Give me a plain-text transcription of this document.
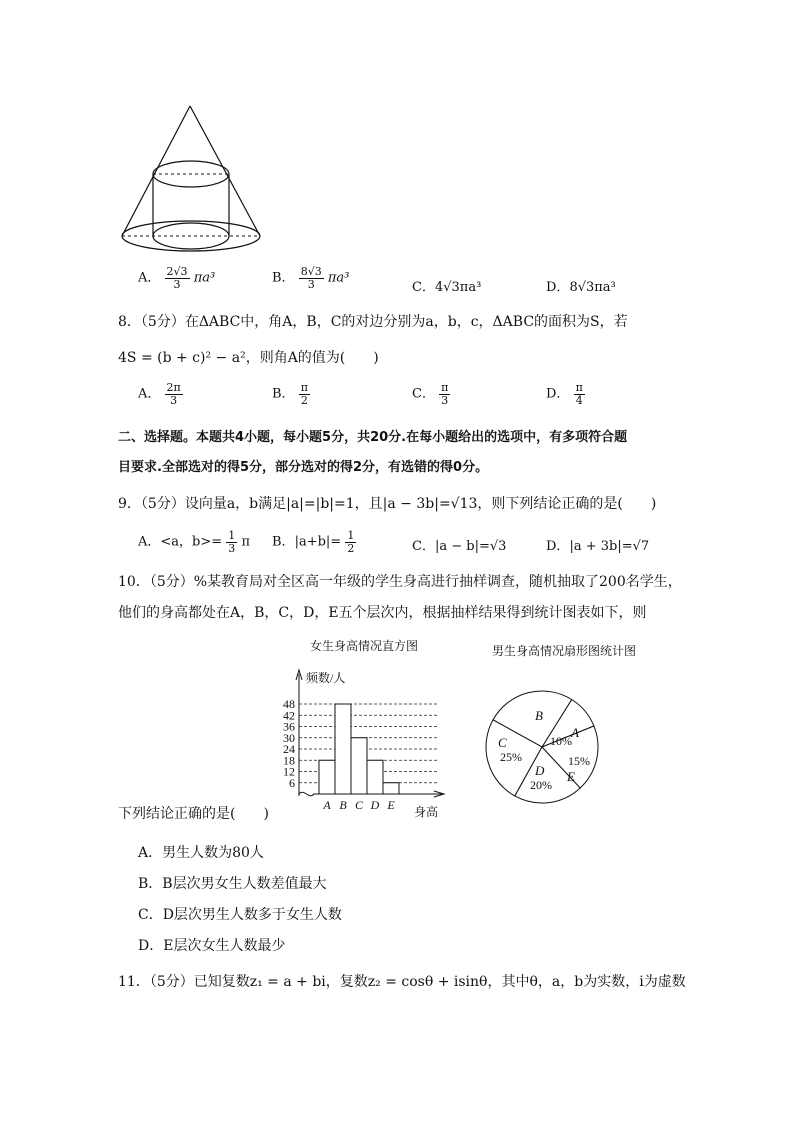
A． $\frac{2√3}{3} \pi a^3$	B． $\frac{8√3}{3} \pi a^3$
C．4√3πa³	D．8√3πa³
8．（5分）在ΔABC中，角A，B，C的对边分别为a，b，c，ΔABC的面积为S，若
4S = (b + c)² − a²，则角A的值为(　　)
A． $\frac{2\pi}{3}$	B． $\frac{\pi}{2}$	C． $\frac{\pi}{3}$	D． $\frac{\pi}{4}$
二、选择题。本题共4小题，每小题5分，共20分.在每小题给出的选项中，有多项符合题
目要求.全部选对的得5分，部分选对的得2分，有选错的得0分。
9．（5分）设向量a，b满足|a|=|b|=1，且|a − 3b|=√13，则下列结论正确的是(　　)
A．<a，$b>= \frac{1}{3}$ π B．$|a+b|= \frac{1}{2}$	C．|a − b|=√3	D．|a + 3b|=√7
10．（5分）%某教育局对全区高一年级的学生身高进行抽样调查，随机抽取了200名学生，
他们的身高都处在A，B，C，D，E五个层次内，根据抽样结果得到统计图表如下，则
女生身高情况直方图
6
12
18
24
30
36
42
48
A B C D E
频数/人
身高
男生身高情况扇形图统计图
A
10%
B
C
25%
D
20%
E
15%
下列结论正确的是(　　)
A．男生人数为80人
B．B层次男女生人数差值最大
C．D层次男生人数多于女生人数
D．E层次女生人数最少
11．（5分）已知复数z₁ = a + bi，复数z₂ = cosθ + isinθ，其中θ，a，b为实数，i为虚数
